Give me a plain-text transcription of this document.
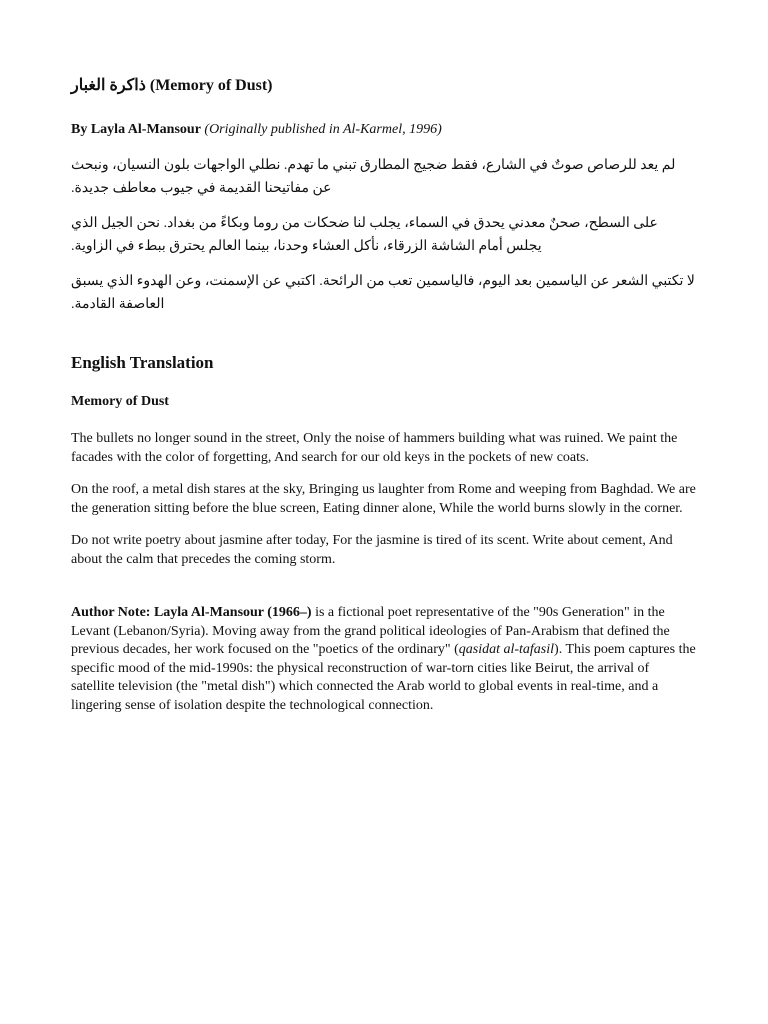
ذاكرة الغبار (Memory of Dust)

By Layla Al-Mansour (Originally published in Al-Karmel, 1996)

لم يعد للرصاص صوتٌ في الشارع، فقط ضجيج المطارق تبني ما تهدم. نطلي الواجهات بلون النسيان، ونبحث عن مفاتيحنا القديمة في جيوب معاطف جديدة.

على السطح، صحنٌ معدني يحدق في السماء، يجلب لنا ضحكات من روما وبكاءً من بغداد. نحن الجيل الذي يجلس أمام الشاشة الزرقاء، نأكل العشاء وحدنا، بينما العالم يحترق ببطء في الزاوية.

لا تكتبي الشعر عن الياسمين بعد اليوم، فالياسمين تعب من الرائحة. اكتبي عن الإسمنت، وعن الهدوء الذي يسبق العاصفة القادمة.

English Translation
Memory of Dust

The bullets no longer sound in the street, Only the noise of hammers building what was ruined. We paint the facades with the color of forgetting, And search for our old keys in the pockets of new coats.

On the roof, a metal dish stares at the sky, Bringing us laughter from Rome and weeping from Baghdad. We are the generation sitting before the blue screen, Eating dinner alone, While the world burns slowly in the corner.

Do not write poetry about jasmine after today, For the jasmine is tired of its scent. Write about cement, And about the calm that precedes the coming storm.

Author Note: Layla Al-Mansour (1966–) is a fictional poet representative of the "90s Generation" in the Levant (Lebanon/Syria). Moving away from the grand political ideologies of Pan-Arabism that defined the previous decades, her work focused on the "poetics of the ordinary" (qasidat al-tafasil). This poem captures the specific mood of the mid-1990s: the physical reconstruction of war-torn cities like Beirut, the arrival of satellite television (the "metal dish") which connected the Arab world to global events in real-time, and a lingering sense of isolation despite the technological connection.
